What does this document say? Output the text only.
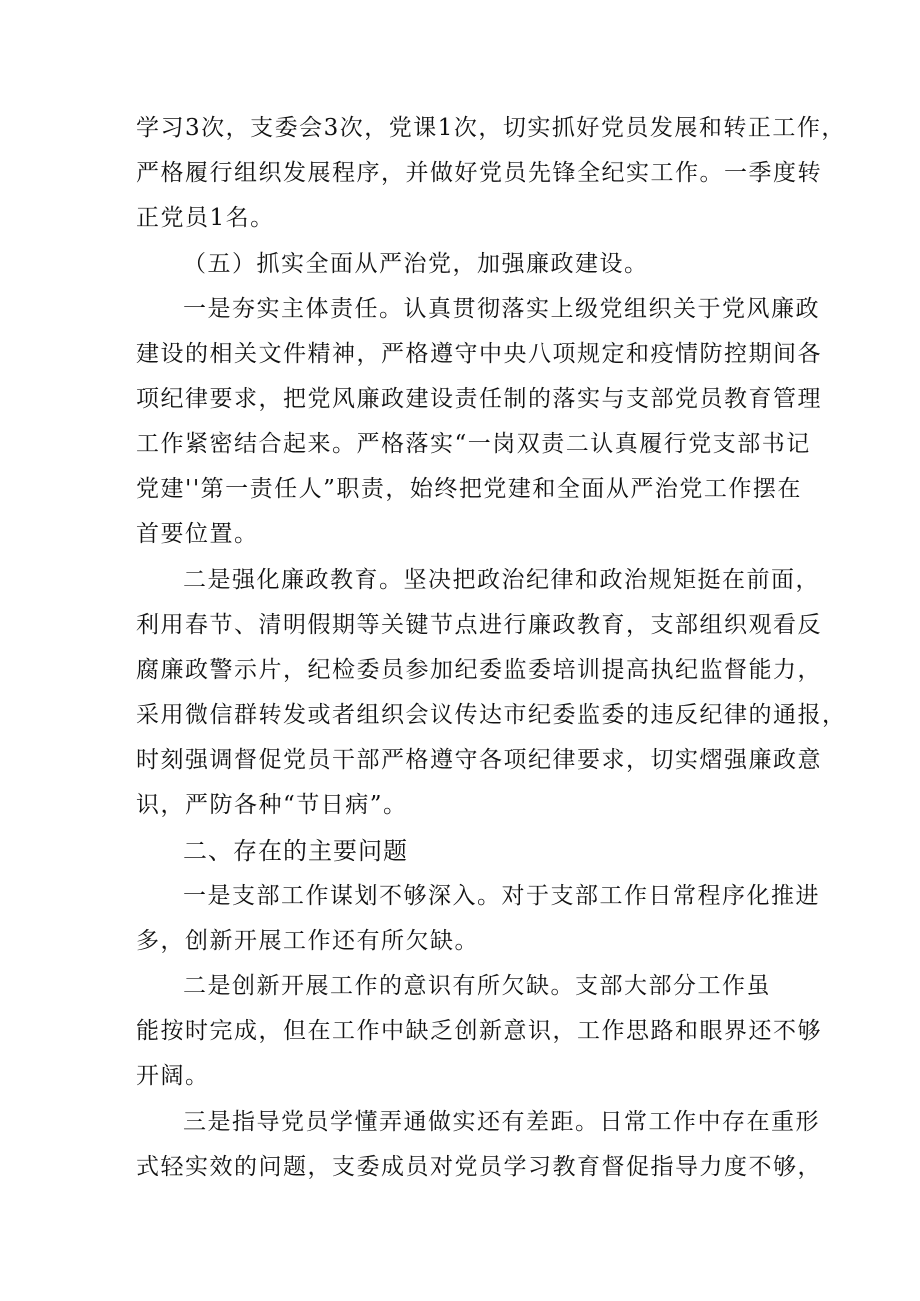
学习3次，支委会3次，党课1次，切实抓好党员发展和转正工作，
严格履行组织发展程序，并做好党员先锋全纪实工作。一季度转
正党员1名。
（五）抓实全面从严治党，加强廉政建设。
一是夯实主体责任。认真贯彻落实上级党组织关于党风廉政
建设的相关文件精神，严格遵守中央八项规定和疫情防控期间各
项纪律要求，把党风廉政建设责任制的落实与支部党员教育管理
工作紧密结合起来。严格落实“一岗双责二认真履行党支部书记
党建''第一责任人”职责，始终把党建和全面从严治党工作摆在
首要位置。
二是强化廉政教育。坚决把政治纪律和政治规矩挺在前面，
利用春节、清明假期等关键节点进行廉政教育，支部组织观看反
腐廉政警示片，纪检委员参加纪委监委培训提高执纪监督能力，
采用微信群转发或者组织会议传达市纪委监委的违反纪律的通报，
时刻强调督促党员干部严格遵守各项纪律要求，切实熠强廉政意
识，严防各种“节日病”。
二、存在的主要问题
一是支部工作谋划不够深入。对于支部工作日常程序化推进
多，创新开展工作还有所欠缺。
二是创新开展工作的意识有所欠缺。支部大部分工作虽
能按时完成，但在工作中缺乏创新意识，工作思路和眼界还不够
开阔。
三是指导党员学懂弄通做实还有差距。日常工作中存在重形
式轻实效的问题，支委成员对党员学习教育督促指导力度不够，
